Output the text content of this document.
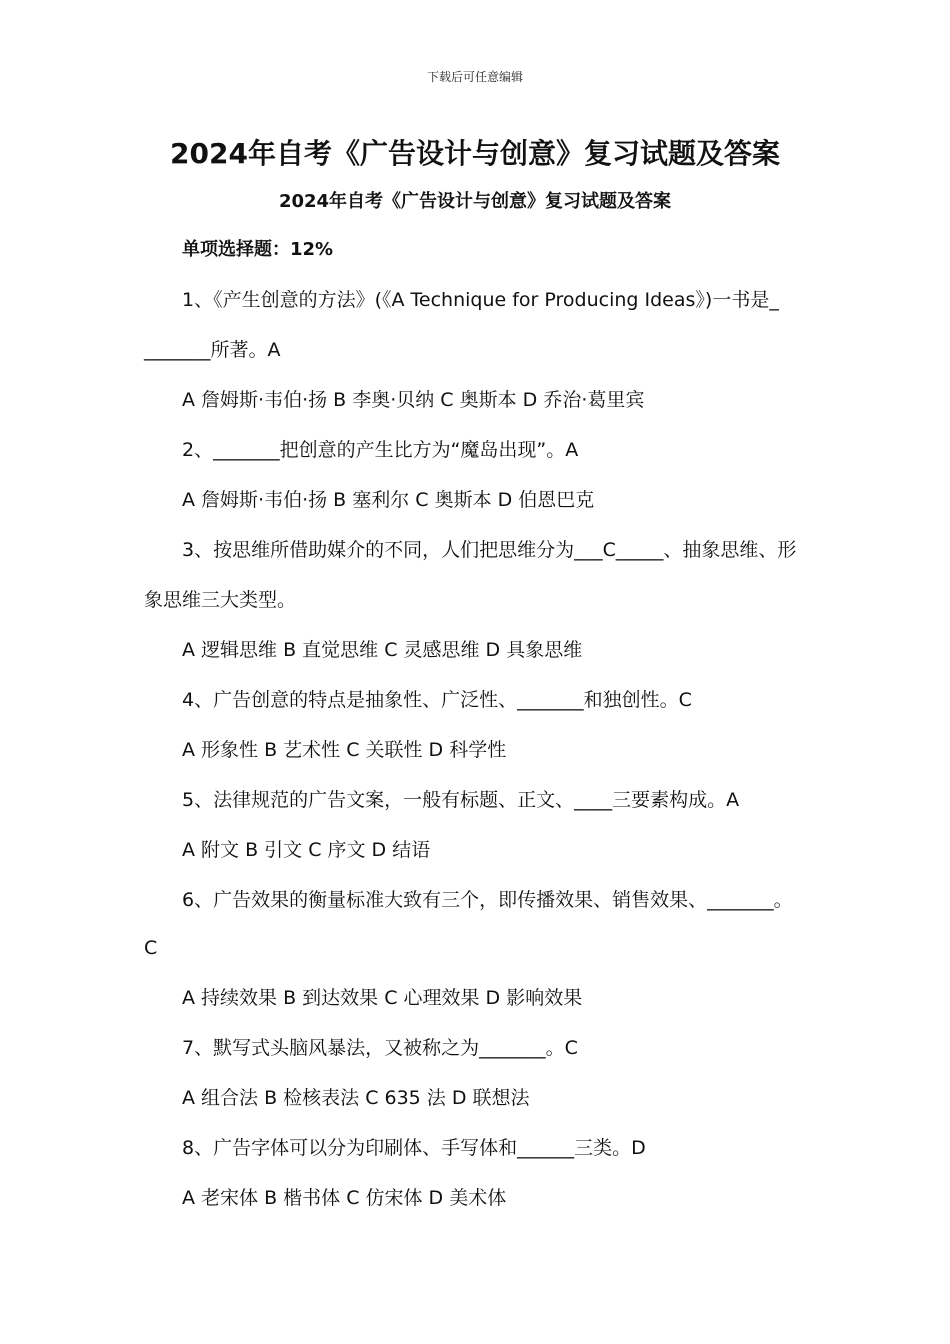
下载后可任意编辑
2024年自考《广告设计与创意》复习试题及答案
2024年自考《广告设计与创意》复习试题及答案
单项选择题：12%
1、《产生创意的方法》(《A Technique for Producing Ideas》)一书是_
_______所著。A
A 詹姆斯·韦伯·扬 B 李奥·贝纳 C 奥斯本 D 乔治·葛里宾
2、_______把创意的产生比方为“魔岛出现”。A
A 詹姆斯·韦伯·扬 B 塞利尔 C 奥斯本 D 伯恩巴克
3、按思维所借助媒介的不同，人们把思维分为___C_____、抽象思维、形
象思维三大类型。
A 逻辑思维 B 直觉思维 C 灵感思维 D 具象思维
4、广告创意的特点是抽象性、广泛性、_______和独创性。C
A 形象性 B 艺术性 C 关联性 D 科学性
5、法律规范的广告文案，一般有标题、正文、____三要素构成。A
A 附文 B 引文 C 序文 D 结语
6、广告效果的衡量标准大致有三个，即传播效果、销售效果、_______。
C
A 持续效果 B 到达效果 C 心理效果 D 影响效果
7、默写式头脑风暴法，又被称之为_______。C
A 组合法 B 检核表法 C 635 法 D 联想法
8、广告字体可以分为印刷体、手写体和______三类。D
A 老宋体 B 楷书体 C 仿宋体 D 美术体
